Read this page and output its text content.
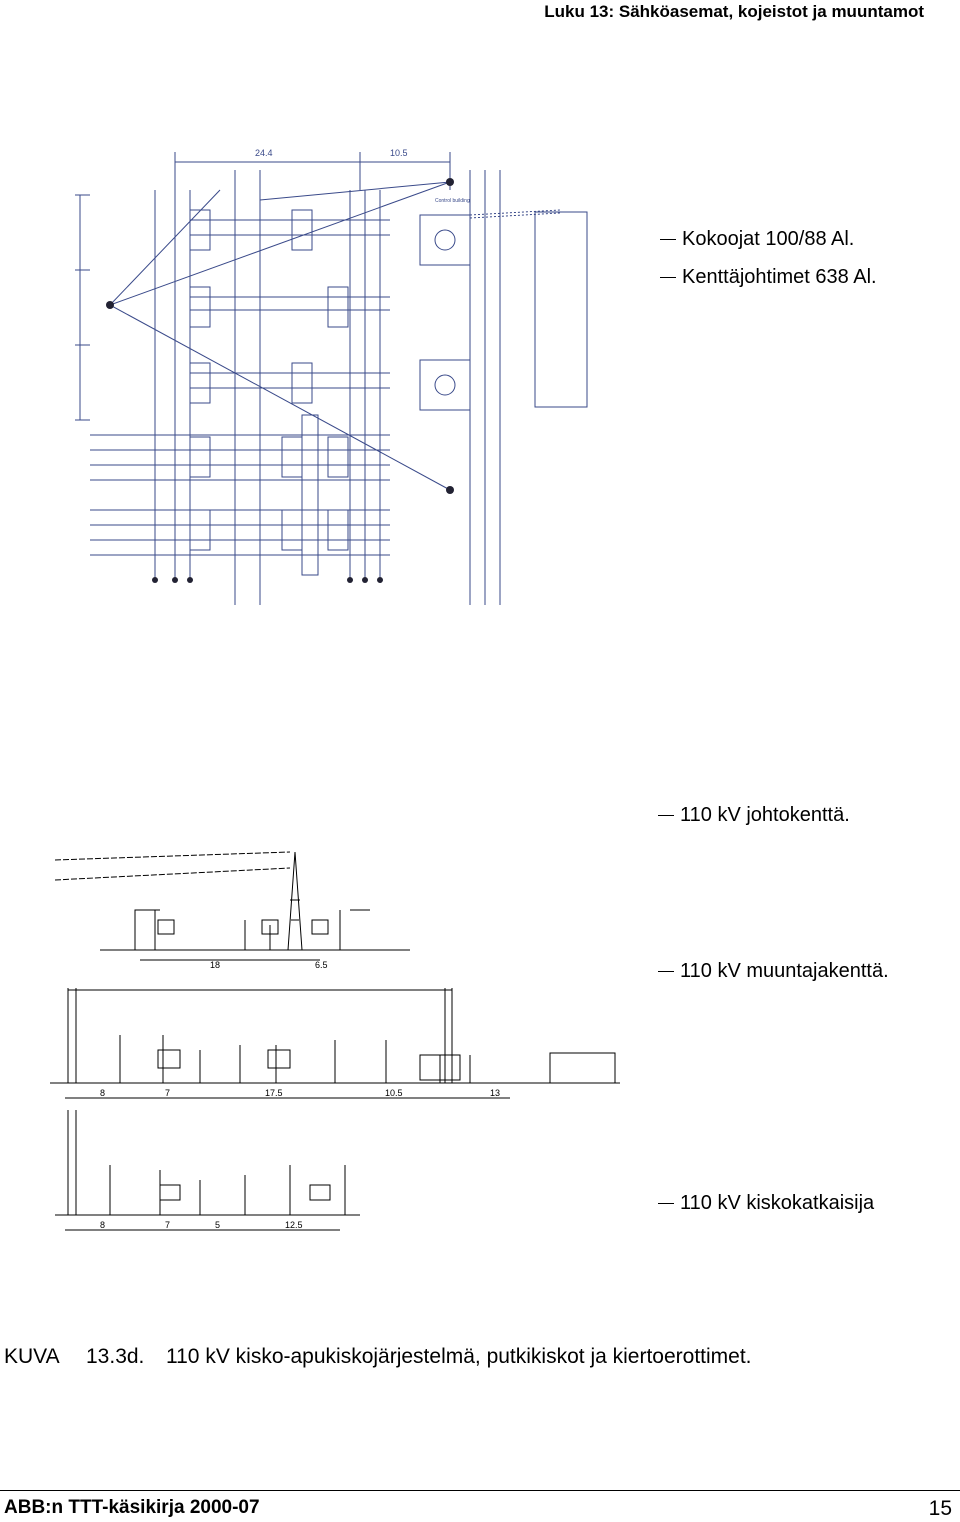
Luku 13: Sähköasemat, kojeistot ja muuntamot
24.4	10.5
Control building
Kokoojat 100/88 Al.
Kenttäjohtimet 638 Al.
18	6.5
8	7	17.5	10.5	13
8	7	5	12.5
110 kV johtokenttä.
110 kV muuntajakenttä.
110 kV kiskokatkaisija
KUVA 13.3d. 110 kV kisko-apukiskojärjestelmä, putkikiskot ja kiertoerottimet.
ABB:n TTT-käsikirja 2000-07	15
